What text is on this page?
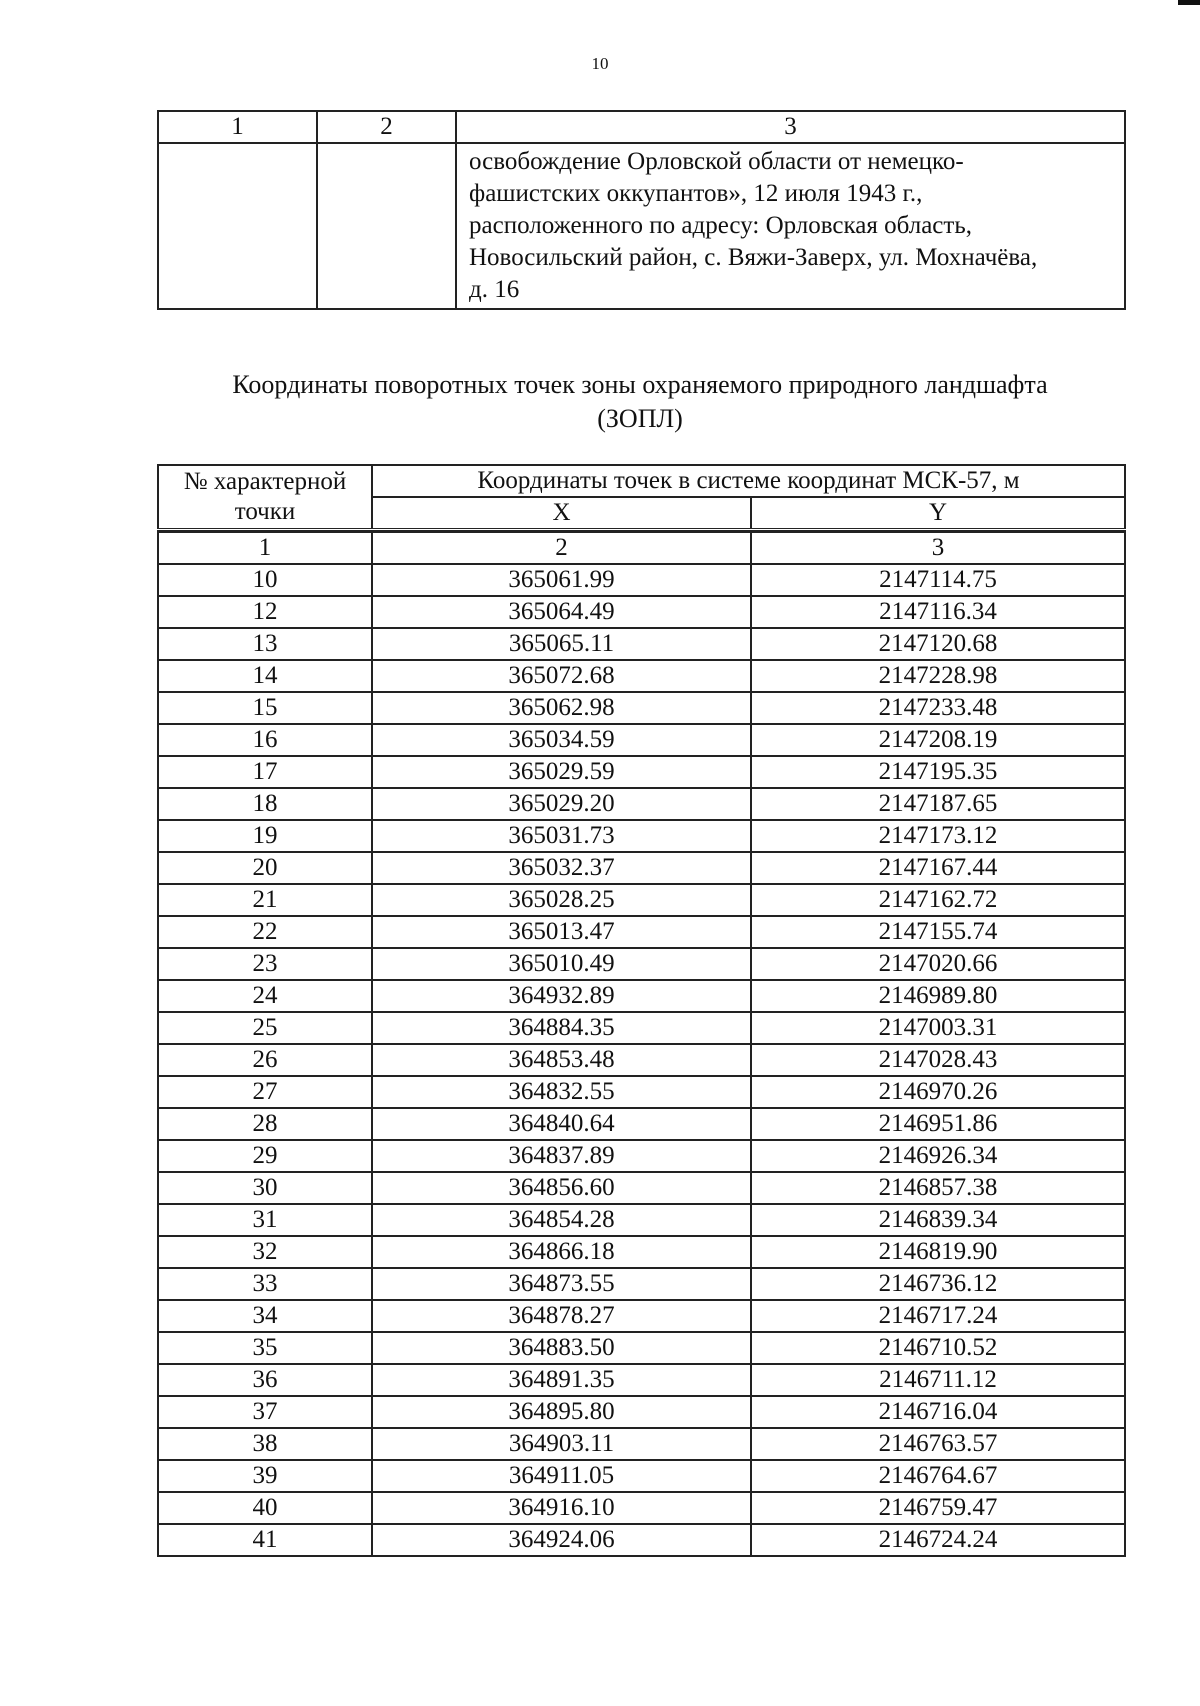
10
1	2	3

		освобождение Орловской области от немецко-
фашистских оккупантов», 12 июля 1943 г.,
расположенного по адресу: Орловская область,
Новосильский район, с. Вяжи-Заверх, ул. Мохначёва,
д. 16
Координаты поворотных точек зоны охраняемого природного ландшафта
(ЗОПЛ)
№ характерной точки	Координаты точек в системе координат МСК-57, м	
	X	Y

1	2	3
10	365061.99	2147114.75
12	365064.49	2147116.34
13	365065.11	2147120.68
14	365072.68	2147228.98
15	365062.98	2147233.48
16	365034.59	2147208.19
17	365029.59	2147195.35
18	365029.20	2147187.65
19	365031.73	2147173.12
20	365032.37	2147167.44
21	365028.25	2147162.72
22	365013.47	2147155.74
23	365010.49	2147020.66
24	364932.89	2146989.80
25	364884.35	2147003.31
26	364853.48	2147028.43
27	364832.55	2146970.26
28	364840.64	2146951.86
29	364837.89	2146926.34
30	364856.60	2146857.38
31	364854.28	2146839.34
32	364866.18	2146819.90
33	364873.55	2146736.12
34	364878.27	2146717.24
35	364883.50	2146710.52
36	364891.35	2146711.12
37	364895.80	2146716.04
38	364903.11	2146763.57
39	364911.05	2146764.67
40	364916.10	2146759.47
41	364924.06	2146724.24
